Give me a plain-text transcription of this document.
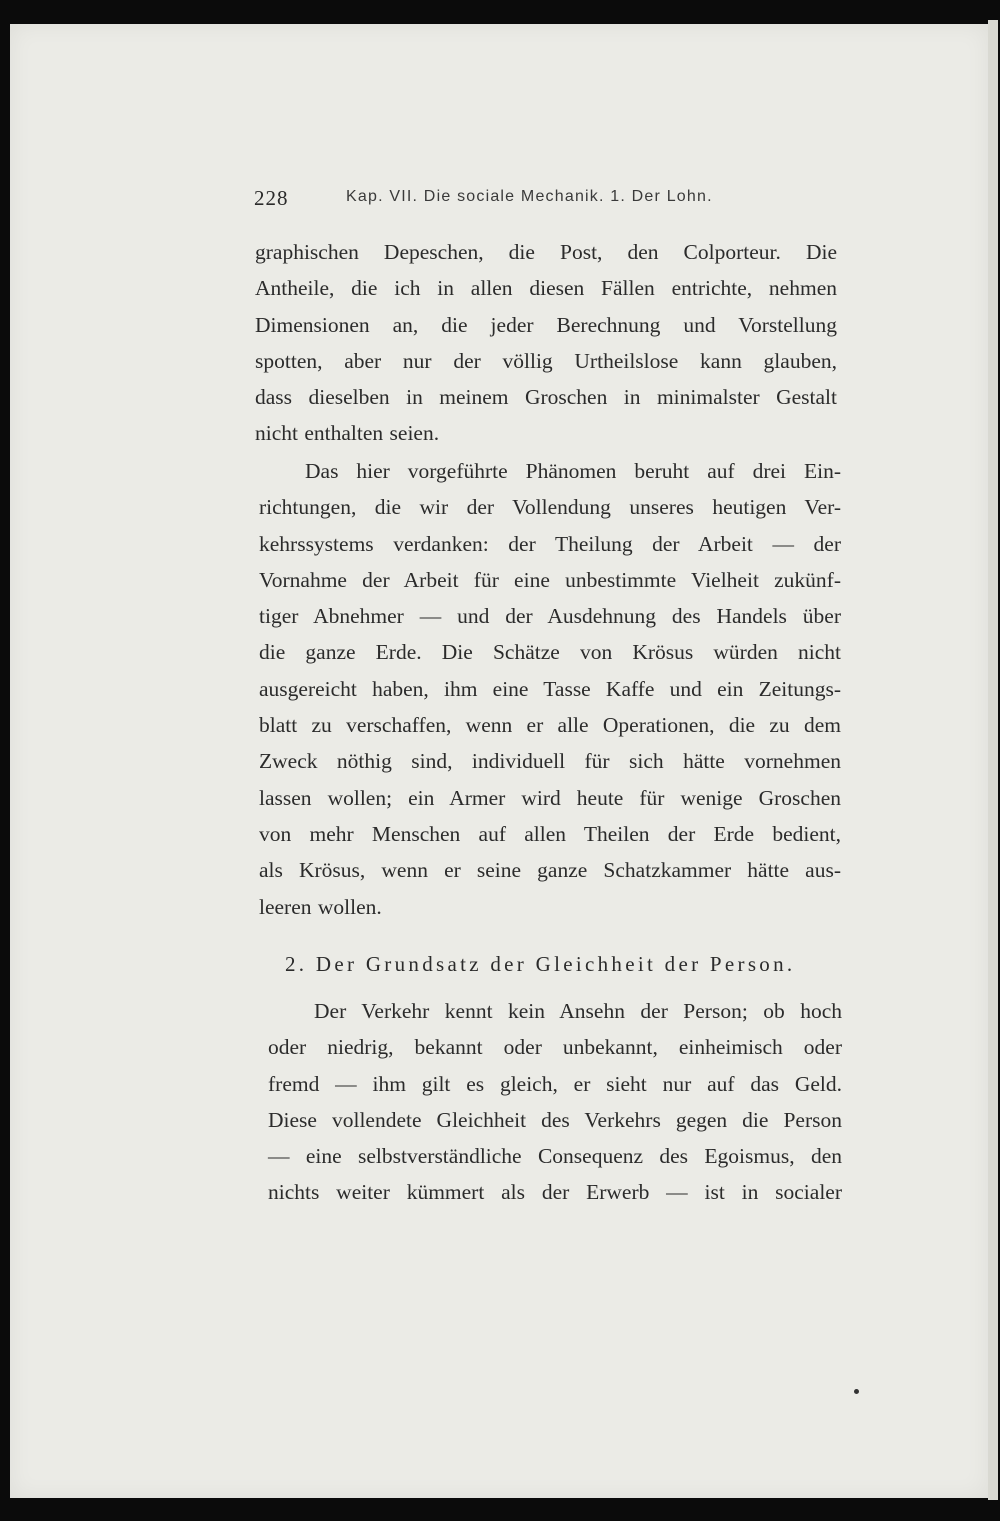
228	Kap. VII. Die sociale Mechanik. 1. Der Lohn.
graphischen Depeschen, die Post, den Colporteur. Die
Antheile, die ich in allen diesen Fällen entrichte, nehmen
Dimensionen an, die jeder Berechnung und Vorstellung
spotten, aber nur der völlig Urtheilslose kann glauben,
dass dieselben in meinem Groschen in minimalster Gestalt
nicht enthalten seien.
Das hier vorgeführte Phänomen beruht auf drei Ein-
richtungen, die wir der Vollendung unseres heutigen Ver-
kehrssystems verdanken: der Theilung der Arbeit — der
Vornahme der Arbeit für eine unbestimmte Vielheit zukünf-
tiger Abnehmer — und der Ausdehnung des Handels über
die ganze Erde. Die Schätze von Krösus würden nicht
ausgereicht haben, ihm eine Tasse Kaffe und ein Zeitungs-
blatt zu verschaffen, wenn er alle Operationen, die zu dem
Zweck nöthig sind, individuell für sich hätte vornehmen
lassen wollen; ein Armer wird heute für wenige Groschen
von mehr Menschen auf allen Theilen der Erde bedient,
als Krösus, wenn er seine ganze Schatzkammer hätte aus-
leeren wollen.
2. Der Grundsatz der Gleichheit der Person.
Der Verkehr kennt kein Ansehn der Person; ob hoch
oder niedrig, bekannt oder unbekannt, einheimisch oder
fremd — ihm gilt es gleich, er sieht nur auf das Geld.
Diese vollendete Gleichheit des Verkehrs gegen die Person
— eine selbstverständliche Consequenz des Egoismus, den
nichts weiter kümmert als der Erwerb — ist in socialer
